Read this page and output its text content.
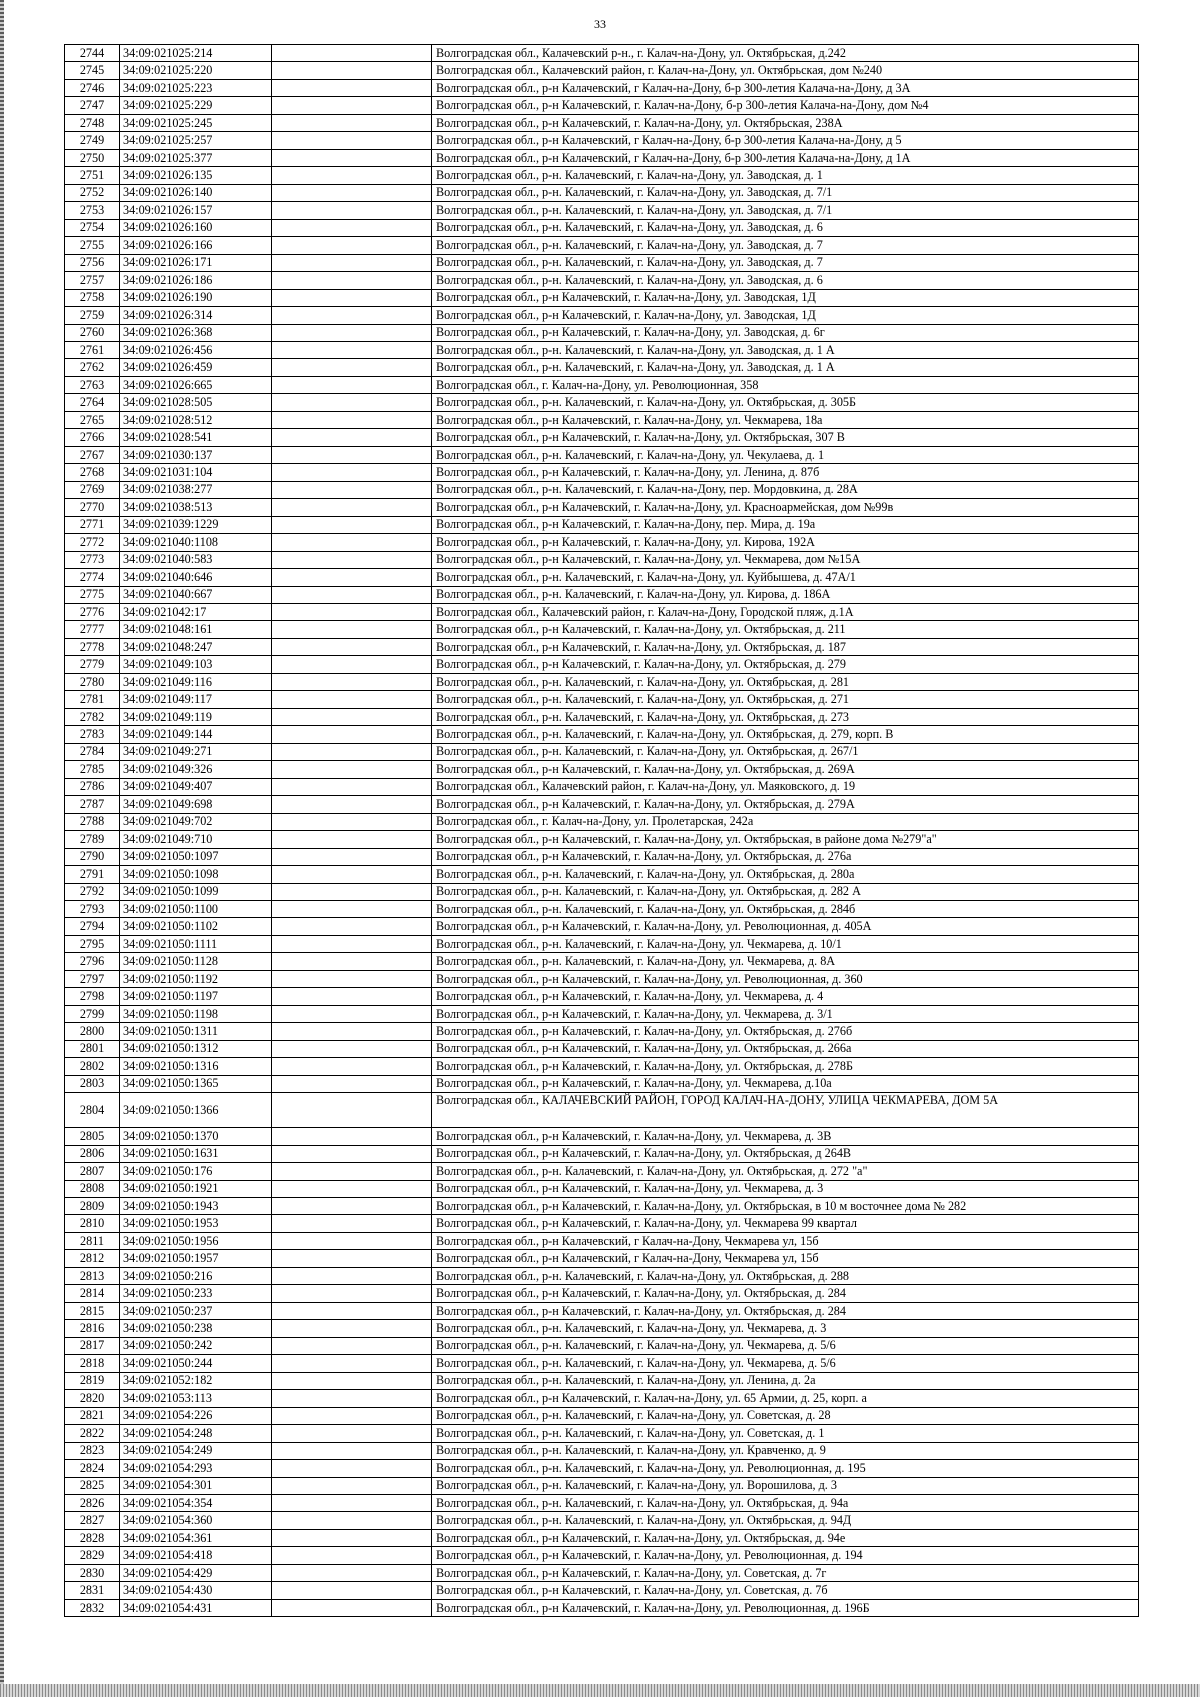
33
2744	34:09:021025:214		Волгоградская обл., Калачевский р-н., г. Калач-на-Дону, ул. Октябрьская, д.242
2745	34:09:021025:220		Волгоградская обл., Калачевский район, г. Калач-на-Дону, ул. Октябрьская, дом №240
2746	34:09:021025:223		Волгоградская обл., р-н Калачевский, г Калач-на-Дону, б-р 300-летия Калача-на-Дону, д 3А
2747	34:09:021025:229		Волгоградская обл., р-н Калачевский, г. Калач-на-Дону, б-р 300-летия Калача-на-Дону, дом №4
2748	34:09:021025:245		Волгоградская обл., р-н Калачевский, г. Калач-на-Дону, ул. Октябрьская, 238А
2749	34:09:021025:257		Волгоградская обл., р-н Калачевский, г Калач-на-Дону, б-р 300-летия Калача-на-Дону, д 5
2750	34:09:021025:377		Волгоградская обл., р-н Калачевский, г Калач-на-Дону, б-р 300-летия Калача-на-Дону, д 1А
2751	34:09:021026:135		Волгоградская обл., р-н. Калачевский, г. Калач-на-Дону, ул. Заводская, д. 1
2752	34:09:021026:140		Волгоградская обл., р-н. Калачевский, г. Калач-на-Дону, ул. Заводская, д. 7/1
2753	34:09:021026:157		Волгоградская обл., р-н. Калачевский, г. Калач-на-Дону, ул. Заводская, д. 7/1
2754	34:09:021026:160		Волгоградская обл., р-н. Калачевский, г. Калач-на-Дону, ул. Заводская, д. 6
2755	34:09:021026:166		Волгоградская обл., р-н. Калачевский, г. Калач-на-Дону, ул. Заводская, д. 7
2756	34:09:021026:171		Волгоградская обл., р-н. Калачевский, г. Калач-на-Дону, ул. Заводская, д. 7
2757	34:09:021026:186		Волгоградская обл., р-н. Калачевский, г. Калач-на-Дону, ул. Заводская, д. 6
2758	34:09:021026:190		Волгоградская обл., р-н Калачевский, г. Калач-на-Дону, ул. Заводская, 1Д
2759	34:09:021026:314		Волгоградская обл., р-н Калачевский, г. Калач-на-Дону, ул. Заводская, 1Д
2760	34:09:021026:368		Волгоградская обл., р-н Калачевский, г. Калач-на-Дону, ул. Заводская, д. 6г
2761	34:09:021026:456		Волгоградская обл., р-н. Калачевский, г. Калач-на-Дону, ул. Заводская, д. 1 А
2762	34:09:021026:459		Волгоградская обл., р-н. Калачевский, г. Калач-на-Дону, ул. Заводская, д. 1 А
2763	34:09:021026:665		Волгоградская обл., г. Калач-на-Дону, ул. Революционная, 358
2764	34:09:021028:505		Волгоградская обл., р-н. Калачевский, г. Калач-на-Дону, ул. Октябрьская, д. 305Б
2765	34:09:021028:512		Волгоградская обл., р-н Калачевский, г. Калач-на-Дону, ул. Чекмарева, 18а
2766	34:09:021028:541		Волгоградская обл., р-н Калачевский, г. Калач-на-Дону, ул. Октябрьская, 307 В
2767	34:09:021030:137		Волгоградская обл., р-н. Калачевский, г. Калач-на-Дону, ул. Чекулаева, д. 1
2768	34:09:021031:104		Волгоградская обл., р-н Калачевский, г. Калач-на-Дону, ул. Ленина, д. 87б
2769	34:09:021038:277		Волгоградская обл., р-н. Калачевский, г. Калач-на-Дону, пер. Мордовкина, д. 28А
2770	34:09:021038:513		Волгоградская обл., р-н Калачевский, г. Калач-на-Дону, ул. Красноармейская, дом №99в
2771	34:09:021039:1229		Волгоградская обл., р-н Калачевский, г. Калач-на-Дону, пер. Мира, д. 19а
2772	34:09:021040:1108		Волгоградская обл., р-н Калачевский, г. Калач-на-Дону, ул. Кирова, 192А
2773	34:09:021040:583		Волгоградская обл., р-н Калачевский, г. Калач-на-Дону, ул. Чекмарева, дом №15А
2774	34:09:021040:646		Волгоградская обл., р-н. Калачевский, г. Калач-на-Дону, ул. Куйбышева, д. 47А/1
2775	34:09:021040:667		Волгоградская обл., р-н. Калачевский, г. Калач-на-Дону, ул. Кирова, д. 186А
2776	34:09:021042:17		Волгоградская обл., Калачевский район, г. Калач-на-Дону, Городской пляж, д.1А
2777	34:09:021048:161		Волгоградская обл., р-н Калачевский, г. Калач-на-Дону, ул. Октябрьская, д. 211
2778	34:09:021048:247		Волгоградская обл., р-н Калачевский, г. Калач-на-Дону, ул. Октябрьская, д. 187
2779	34:09:021049:103		Волгоградская обл., р-н Калачевский, г. Калач-на-Дону, ул. Октябрьская, д. 279
2780	34:09:021049:116		Волгоградская обл., р-н. Калачевский, г. Калач-на-Дону, ул. Октябрьская, д. 281
2781	34:09:021049:117		Волгоградская обл., р-н. Калачевский, г. Калач-на-Дону, ул. Октябрьская, д. 271
2782	34:09:021049:119		Волгоградская обл., р-н. Калачевский, г. Калач-на-Дону, ул. Октябрьская, д. 273
2783	34:09:021049:144		Волгоградская обл., р-н. Калачевский, г. Калач-на-Дону, ул. Октябрьская, д. 279, корп. В
2784	34:09:021049:271		Волгоградская обл., р-н. Калачевский, г. Калач-на-Дону, ул. Октябрьская, д. 267/1
2785	34:09:021049:326		Волгоградская обл., р-н Калачевский, г. Калач-на-Дону, ул. Октябрьская, д. 269А
2786	34:09:021049:407		Волгоградская обл., Калачевский район, г. Калач-на-Дону, ул. Маяковского, д. 19
2787	34:09:021049:698		Волгоградская обл., р-н Калачевский, г. Калач-на-Дону, ул. Октябрьская, д. 279А
2788	34:09:021049:702		Волгоградская обл., г. Калач-на-Дону, ул. Пролетарская, 242а
2789	34:09:021049:710		Волгоградская обл., р-н Калачевский, г. Калач-на-Дону, ул. Октябрьская, в районе дома №279"а"
2790	34:09:021050:1097		Волгоградская обл., р-н Калачевский, г. Калач-на-Дону, ул. Октябрьская, д. 276а
2791	34:09:021050:1098		Волгоградская обл., р-н. Калачевский, г. Калач-на-Дону, ул. Октябрьская, д. 280а
2792	34:09:021050:1099		Волгоградская обл., р-н. Калачевский, г. Калач-на-Дону, ул. Октябрьская, д. 282 А
2793	34:09:021050:1100		Волгоградская обл., р-н. Калачевский, г. Калач-на-Дону, ул. Октябрьская, д. 284б
2794	34:09:021050:1102		Волгоградская обл., р-н Калачевский, г. Калач-на-Дону, ул. Революционная, д. 405А
2795	34:09:021050:1111		Волгоградская обл., р-н. Калачевский, г. Калач-на-Дону, ул. Чекмарева, д. 10/1
2796	34:09:021050:1128		Волгоградская обл., р-н. Калачевский, г. Калач-на-Дону, ул. Чекмарева, д. 8А
2797	34:09:021050:1192		Волгоградская обл., р-н Калачевский, г. Калач-на-Дону, ул. Революционная, д. 360
2798	34:09:021050:1197		Волгоградская обл., р-н Калачевский, г. Калач-на-Дону, ул. Чекмарева, д. 4
2799	34:09:021050:1198		Волгоградская обл., р-н Калачевский, г. Калач-на-Дону, ул. Чекмарева, д. 3/1
2800	34:09:021050:1311		Волгоградская обл., р-н Калачевский, г. Калач-на-Дону, ул. Октябрьская, д. 276б
2801	34:09:021050:1312		Волгоградская обл., р-н Калачевский, г. Калач-на-Дону, ул. Октябрьская, д. 266а
2802	34:09:021050:1316		Волгоградская обл., р-н Калачевский, г. Калач-на-Дону, ул. Октябрьская, д. 278Б
2803	34:09:021050:1365		Волгоградская обл., р-н Калачевский, г. Калач-на-Дону, ул. Чекмарева, д.10а
2804	34:09:021050:1366		Волгоградская обл., КАЛАЧЕВСКИЙ РАЙОН, ГОРОД КАЛАЧ-НА-ДОНУ, УЛИЦА ЧЕКМАРЕВА, ДОМ 5А
2805	34:09:021050:1370		Волгоградская обл., р-н Калачевский, г. Калач-на-Дону, ул. Чекмарева, д. 3В
2806	34:09:021050:1631		Волгоградская обл., р-н Калачевский, г. Калач-на-Дону, ул. Октябрьская, д 264В
2807	34:09:021050:176		Волгоградская обл., р-н. Калачевский, г. Калач-на-Дону, ул. Октябрьская, д. 272 "а"
2808	34:09:021050:1921		Волгоградская обл., р-н Калачевский, г. Калач-на-Дону, ул. Чекмарева, д. 3
2809	34:09:021050:1943		Волгоградская обл., р-н Калачевский, г. Калач-на-Дону, ул. Октябрьская, в 10 м восточнее дома № 282
2810	34:09:021050:1953		Волгоградская обл., р-н Калачевский, г. Калач-на-Дону, ул. Чекмарева 99 квартал
2811	34:09:021050:1956		Волгоградская обл., р-н Калачевский, г Калач-на-Дону, Чекмарева ул, 15б
2812	34:09:021050:1957		Волгоградская обл., р-н Калачевский, г Калач-на-Дону, Чекмарева ул, 15б
2813	34:09:021050:216		Волгоградская обл., р-н. Калачевский, г. Калач-на-Дону, ул. Октябрьская, д. 288
2814	34:09:021050:233		Волгоградская обл., р-н Калачевский, г. Калач-на-Дону, ул. Октябрьская, д. 284
2815	34:09:021050:237		Волгоградская обл., р-н Калачевский, г. Калач-на-Дону, ул. Октябрьская, д. 284
2816	34:09:021050:238		Волгоградская обл., р-н. Калачевский, г. Калач-на-Дону, ул. Чекмарева, д. 3
2817	34:09:021050:242		Волгоградская обл., р-н. Калачевский, г. Калач-на-Дону, ул. Чекмарева, д. 5/6
2818	34:09:021050:244		Волгоградская обл., р-н. Калачевский, г. Калач-на-Дону, ул. Чекмарева, д. 5/6
2819	34:09:021052:182		Волгоградская обл., р-н. Калачевский, г. Калач-на-Дону, ул. Ленина, д. 2а
2820	34:09:021053:113		Волгоградская обл., р-н Калачевский, г. Калач-на-Дону, ул. 65 Армии, д. 25, корп. а
2821	34:09:021054:226		Волгоградская обл., р-н. Калачевский, г. Калач-на-Дону, ул. Советская, д. 28
2822	34:09:021054:248		Волгоградская обл., р-н. Калачевский, г. Калач-на-Дону, ул. Советская, д. 1
2823	34:09:021054:249		Волгоградская обл., р-н. Калачевский, г. Калач-на-Дону, ул. Кравченко, д. 9
2824	34:09:021054:293		Волгоградская обл., р-н. Калачевский, г. Калач-на-Дону, ул. Революционная, д. 195
2825	34:09:021054:301		Волгоградская обл., р-н. Калачевский, г. Калач-на-Дону, ул. Ворошилова, д. 3
2826	34:09:021054:354		Волгоградская обл., р-н. Калачевский, г. Калач-на-Дону, ул. Октябрьская, д. 94а
2827	34:09:021054:360		Волгоградская обл., р-н. Калачевский, г. Калач-на-Дону, ул. Октябрьская, д. 94Д
2828	34:09:021054:361		Волгоградская обл., р-н Калачевский, г. Калач-на-Дону, ул. Октябрьская, д. 94е
2829	34:09:021054:418		Волгоградская обл., р-н Калачевский, г. Калач-на-Дону, ул. Революционная, д. 194
2830	34:09:021054:429		Волгоградская обл., р-н Калачевский, г. Калач-на-Дону, ул. Советская, д. 7г
2831	34:09:021054:430		Волгоградская обл., р-н Калачевский, г. Калач-на-Дону, ул. Советская, д. 7б
2832	34:09:021054:431		Волгоградская обл., р-н Калачевский, г. Калач-на-Дону, ул. Революционная, д. 196Б
